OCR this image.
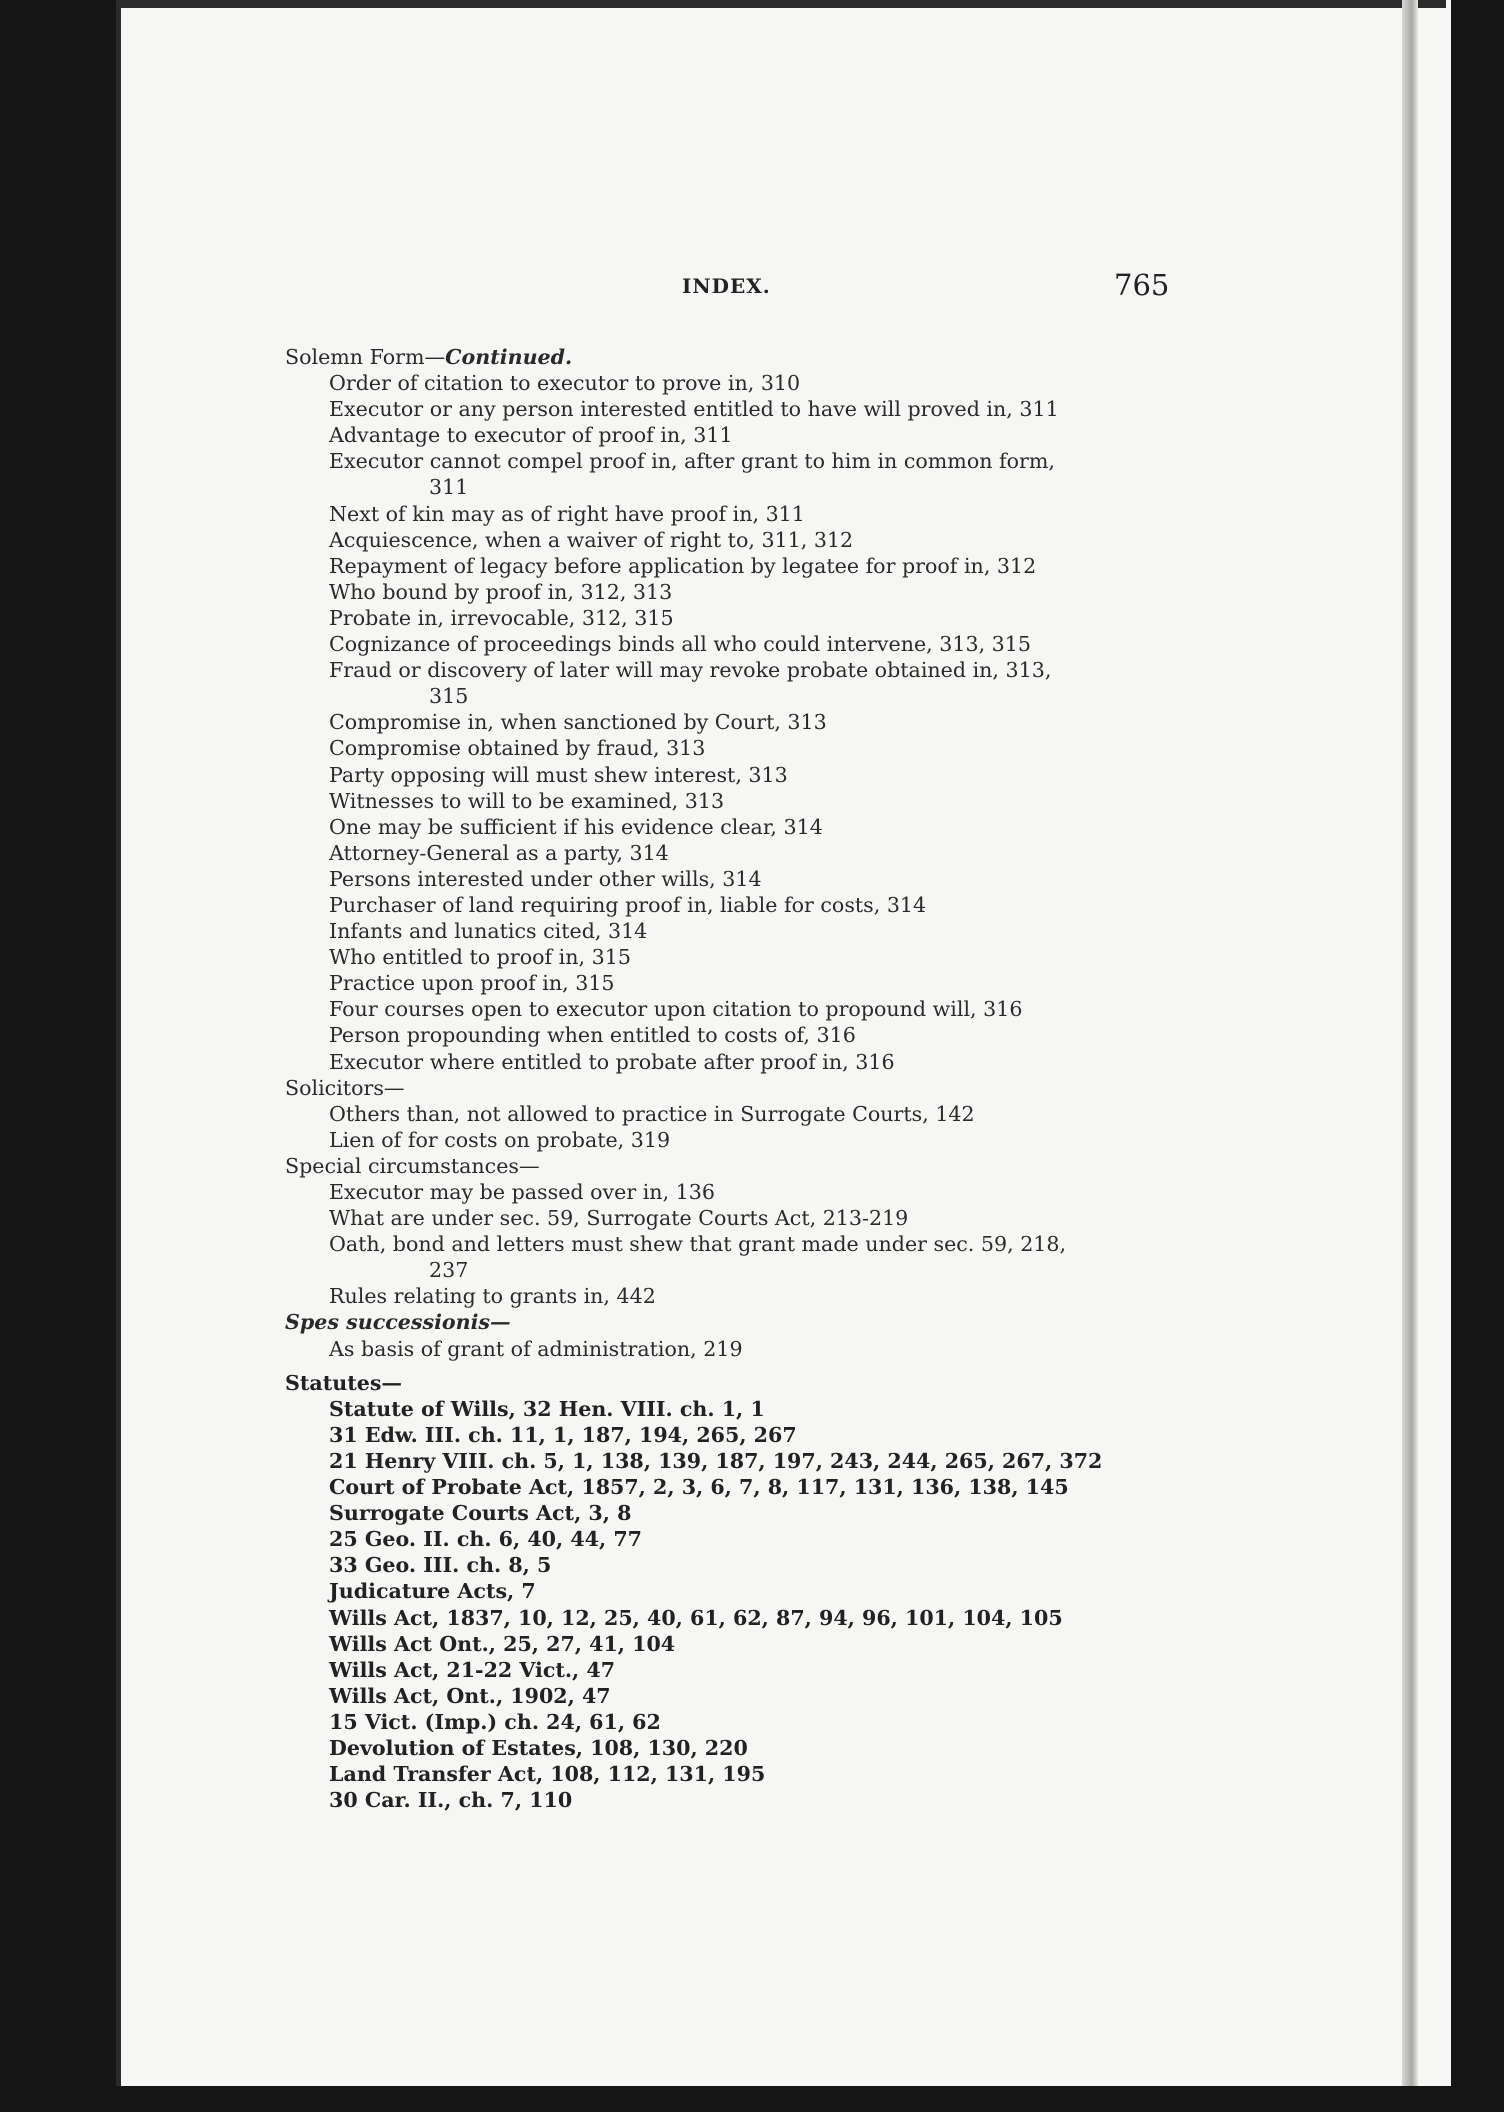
INDEX.	765
Solemn Form—Continued.
Order of citation to executor to prove in, 310
Executor or any person interested entitled to have will proved in, 311
Advantage to executor of proof in, 311
Executor cannot compel proof in, after grant to him in common form,
311
Next of kin may as of right have proof in, 311
Acquiescence, when a waiver of right to, 311, 312
Repayment of legacy before application by legatee for proof in, 312
Who bound by proof in, 312, 313
Probate in, irrevocable, 312, 315
Cognizance of proceedings binds all who could intervene, 313, 315
Fraud or discovery of later will may revoke probate obtained in, 313,
315
Compromise in, when sanctioned by Court, 313
Compromise obtained by fraud, 313
Party opposing will must shew interest, 313
Witnesses to will to be examined, 313
One may be sufficient if his evidence clear, 314
Attorney-General as a party, 314
Persons interested under other wills, 314
Purchaser of land requiring proof in, liable for costs, 314
Infants and lunatics cited, 314
Who entitled to proof in, 315
Practice upon proof in, 315
Four courses open to executor upon citation to propound will, 316
Person propounding when entitled to costs of, 316
Executor where entitled to probate after proof in, 316
Solicitors—
Others than, not allowed to practice in Surrogate Courts, 142
Lien of for costs on probate, 319
Special circumstances—
Executor may be passed over in, 136
What are under sec. 59, Surrogate Courts Act, 213-219
Oath, bond and letters must shew that grant made under sec. 59, 218,
237
Rules relating to grants in, 442
Spes successionis—
As basis of grant of administration, 219
Statutes—
Statute of Wills, 32 Hen. VIII. ch. 1, 1
31 Edw. III. ch. 11, 1, 187, 194, 265, 267
21 Henry VIII. ch. 5, 1, 138, 139, 187, 197, 243, 244, 265, 267, 372
Court of Probate Act, 1857, 2, 3, 6, 7, 8, 117, 131, 136, 138, 145
Surrogate Courts Act, 3, 8
25 Geo. II. ch. 6, 40, 44, 77
33 Geo. III. ch. 8, 5
Judicature Acts, 7
Wills Act, 1837, 10, 12, 25, 40, 61, 62, 87, 94, 96, 101, 104, 105
Wills Act Ont., 25, 27, 41, 104
Wills Act, 21-22 Vict., 47
Wills Act, Ont., 1902, 47
15 Vict. (Imp.) ch. 24, 61, 62
Devolution of Estates, 108, 130, 220
Land Transfer Act, 108, 112, 131, 195
30 Car. II., ch. 7, 110
